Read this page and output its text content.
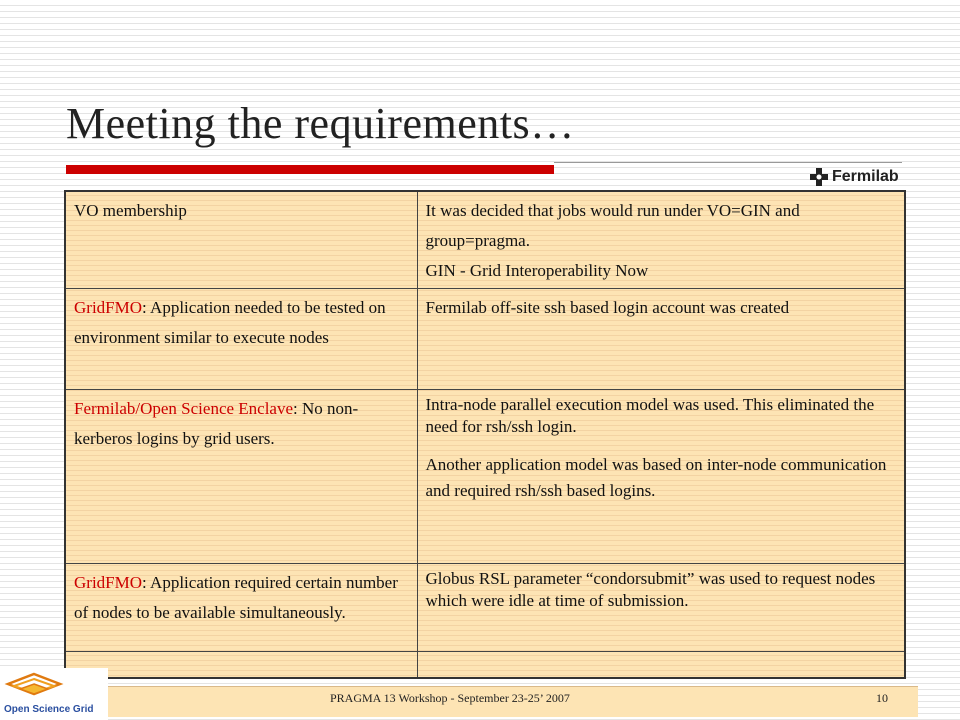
Meeting the requirements…
Fermilab
VO membership	It was decided that jobs would run under VO=GIN and group=pragma.

GIN - Grid Interoperability Now

GridFMO: Application needed to be tested on environment similar to execute nodes	Fermilab off-site ssh based login account was created

Fermilab/Open Science Enclave: No non-kerberos logins by grid users.	Intra-node parallel execution model was used. This eliminated the need for rsh/ssh login.

Another application model was based on inter-node communication and required rsh/ssh based logins.

GridFMO: Application required certain number of nodes to be available simultaneously.	Globus RSL parameter “condorsubmit” was used to request nodes which were idle at time of submission.

PRAGMA 13 Workshop - September 23-25’ 2007	10
Open Science Grid
